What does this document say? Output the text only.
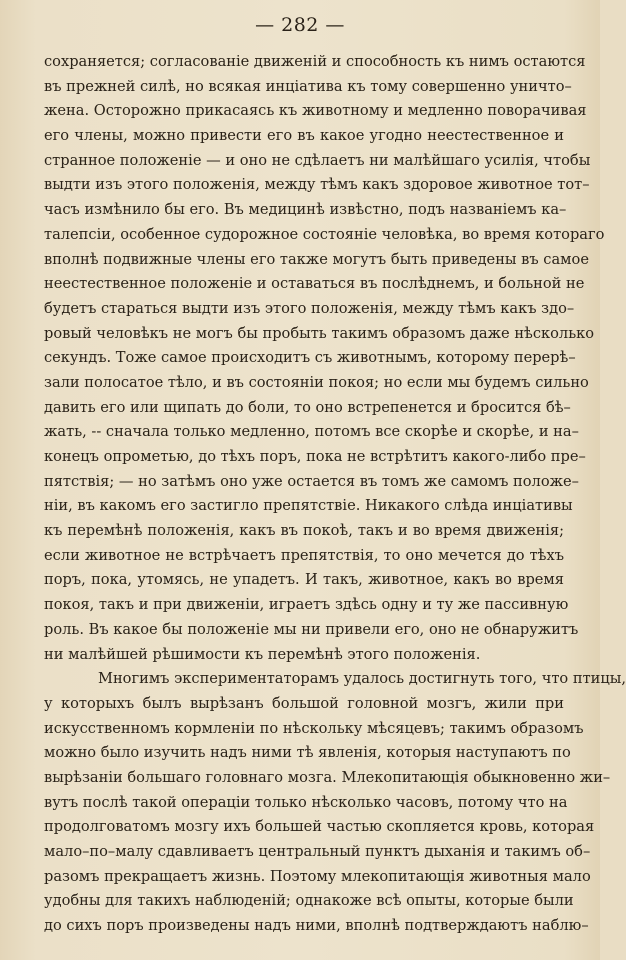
— 282 —
сохраняется; согласованіе движеній и способность къ нимъ остаются
въ прежней силѣ, но всякая инціатива къ тому совершенно уничто–
жена. Осторожно прикасаясь къ животному и медленно поворачивая
его члены, можно привести его въ какое угодно неестественное и
странное положеніе — и оно не сдѣлаетъ ни малѣйшаго усилія, чтобы
выдти изъ этого положенія, между тѣмъ какъ здоровое животное тот–
часъ измѣнило бы его. Въ медицинѣ извѣстно, подъ названіемъ ка–
талепсіи, особенное судорожное состояніе человѣка, во время котораго
вполнѣ подвижные члены его также могутъ быть приведены въ самое
неестественное положеніе и оставаться въ послѣднемъ, и больной не
будетъ стараться выдти изъ этого положенія, между тѣмъ какъ здо–
ровый человѣкъ не могъ бы пробыть такимъ образомъ даже нѣсколько
секундъ. Тоже самое происходитъ съ животнымъ, которому перерѣ–
зали полосатое тѣло, и въ состояніи покоя; но если мы будемъ сильно
давить его или щипать до боли, то оно встрепенется и бросится бѣ–
жать, -- сначала только медленно, потомъ все скорѣе и скорѣе, и на–
конецъ опрометью, до тѣхъ поръ, пока не встрѣтитъ какого-либо пре–
пятствія; — но затѣмъ оно уже остается въ томъ же самомъ положе–
ніи, въ какомъ его застигло препятствіе. Никакого слѣда инціативы
къ перемѣнѣ положенія, какъ въ покоѣ, такъ и во время движенія;
если животное не встрѣчаетъ препятствія, то оно мечется до тѣхъ
поръ, пока, утомясь, не упадетъ. И такъ, животное, какъ во время
покоя, такъ и при движеніи, играетъ здѣсь одну и ту же пассивную
роль. Въ какое бы положеніе мы ни привели его, оно не обнаружитъ
ни малѣйшей рѣшимости къ перемѣнѣ этого положенія.
Многимъ экспериментаторамъ удалось достигнуть того, что птицы,
у которыхъ былъ вырѣзанъ большой головной мозгъ, жили при
искусственномъ кормленіи по нѣскольку мѣсяцевъ; такимъ образомъ
можно было изучить надъ ними тѣ явленія, которыя наступаютъ по
вырѣзаніи большаго головнаго мозга. Млекопитающія обыкновенно жи–
вутъ послѣ такой операціи только нѣсколько часовъ, потому что на
продолговатомъ мозгу ихъ большей частью скопляется кровь, которая
мало–по–малу сдавливаетъ центральный пунктъ дыханія и такимъ об–
разомъ прекращаетъ жизнь. Поэтому млекопитающія животныя мало
удобны для такихъ наблюденій; однакоже всѣ опыты, которые были
до сихъ поръ произведены надъ ними, вполнѣ подтверждаютъ наблю–
